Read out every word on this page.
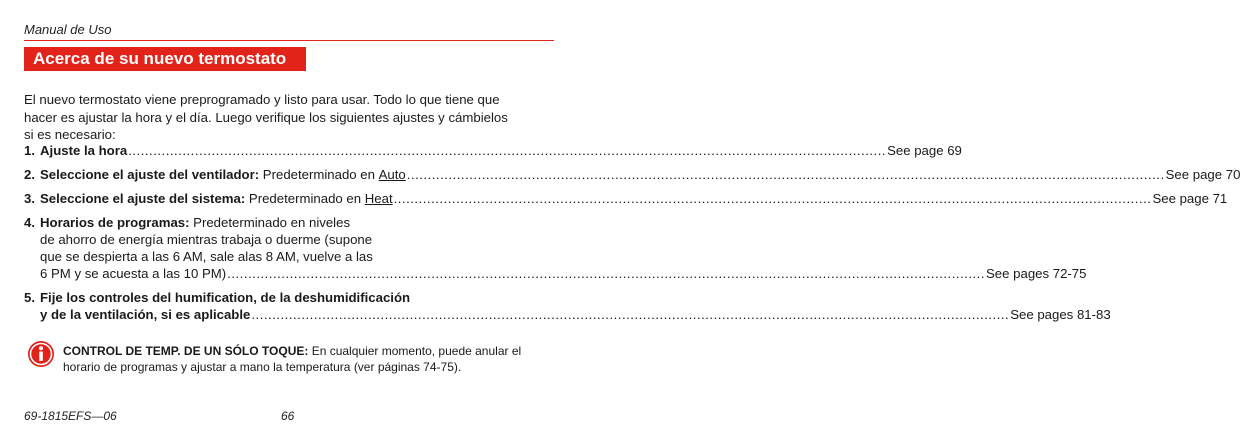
Manual de Uso
Acerca de su nuevo termostato
El nuevo termostato viene preprogramado y listo para usar. Todo lo que tiene que
hacer es ajustar la hora y el día. Luego verifique los siguientes ajustes y cámbielos
si es necesario:
1. Ajuste la hora .....	See page 69
2. Seleccione el ajuste del ventilador: Predeterminado en Auto .....	See page 70
3. Seleccione el ajuste del sistema: Predeterminado en Heat .....	See page 71
4. Horarios de programas: Predeterminado en niveles
de ahorro de energía mientras trabaja o duerme (supone
que se despierta a las 6 AM, sale alas 8 AM, vuelve a las
6 PM y se acuesta a las 10 PM) .....	See pages 72-75
5. Fije los controles del humification, de la deshumidificación
y de la ventilación, si es aplicable .....	See pages 81-83
CONTROL DE TEMP. DE UN SÓLO TOQUE: En cualquier momento, puede anular el
horario de programas y ajustar a mano la temperatura (ver páginas 74-75).
69-1815EFS—06	66
